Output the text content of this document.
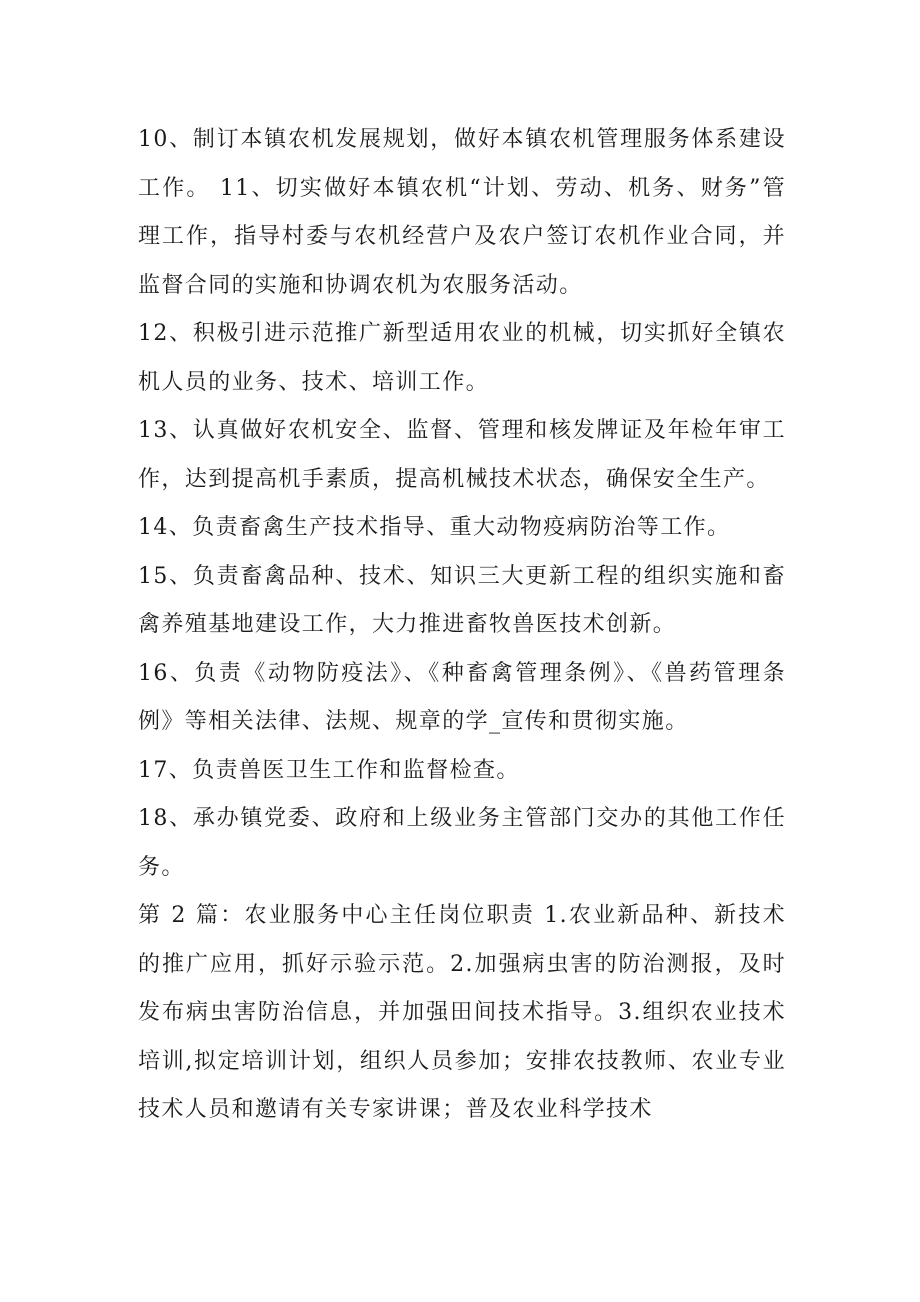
10、制订本镇农机发展规划，做好本镇农机管理服务体系建设工作。 11、切实做好本镇农机“计划、劳动、机务、财务”管理工作，指导村委与农机经营户及农户签订农机作业合同，并监督合同的实施和协调农机为农服务活动。

12、积极引进示范推广新型适用农业的机械，切实抓好全镇农机人员的业务、技术、培训工作。

13、认真做好农机安全、监督、管理和核发牌证及年检年审工作，达到提高机手素质，提高机械技术状态，确保安全生产。

14、负责畜禽生产技术指导、重大动物疫病防治等工作。

15、负责畜禽品种、技术、知识三大更新工程的组织实施和畜禽养殖基地建设工作，大力推进畜牧兽医技术创新。

16、负责《动物防疫法》、《种畜禽管理条例》、《兽药管理条例》等相关法律、法规、规章的学_宣传和贯彻实施。

17、负责兽医卫生工作和监督检查。

18、承办镇党委、政府和上级业务主管部门交办的其他工作任务。

第 2 篇：农业服务中心主任岗位职责 1.农业新品种、新技术的推广应用，抓好示验示范。2.加强病虫害的防治测报，及时发布病虫害防治信息，并加强田间技术指导。3.组织农业技术培训,拟定培训计划，组织人员参加；安排农技教师、农业专业技术人员和邀请有关专家讲课；普及农业科学技术
